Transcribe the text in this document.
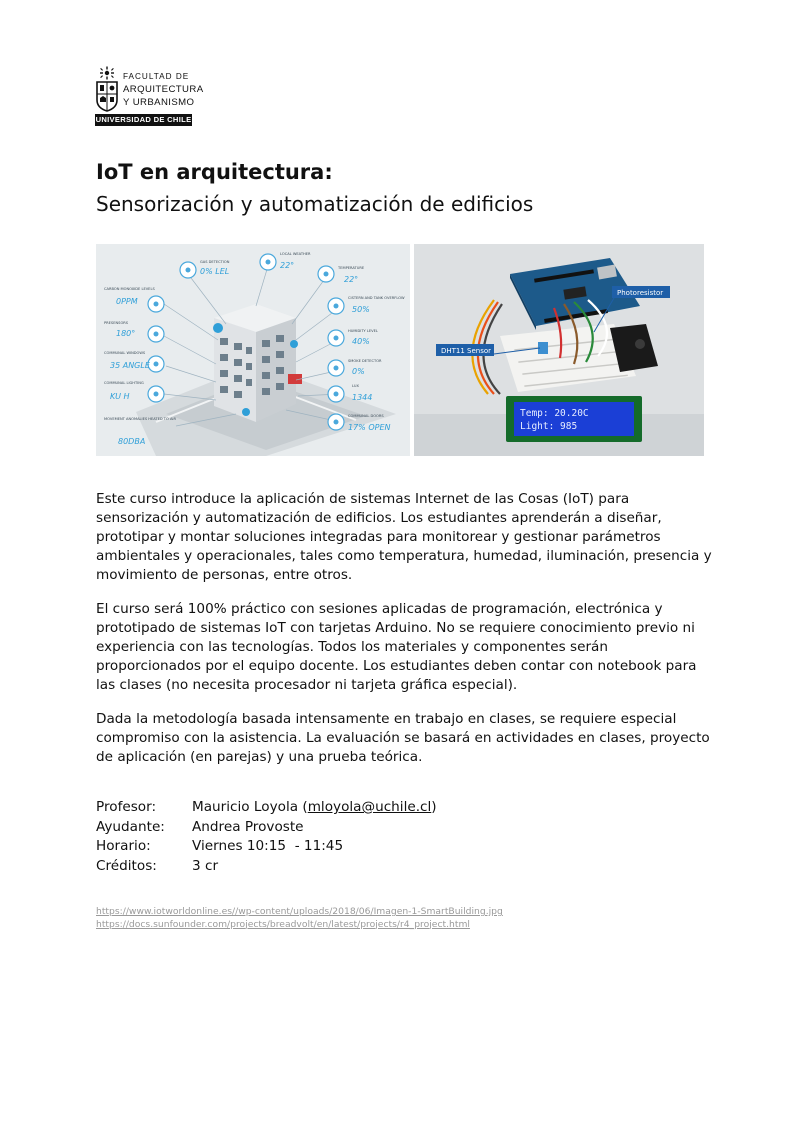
FACULTAD DE
ARQUITECTURA
Y URBANISMO
UNIVERSIDAD DE CHILE
IoT en arquitectura:
Sensorización y automatización de edificios
GAS DETECTION
LOCAL WEATHER
TEMPERATURE
CARBON MONOXIDE LEVELS
CISTERN AND TANK OVERFLOW
PRESENSORS
HUMIDITY LEVEL
COMMUNAL WINDOWS
SMOKE DETECTOR
COMMUNAL LIGHTING
LUX
MOVEMENT ANOMALIES HEATED TO AIR
COMMUNAL DOORS
0% LEL
22°
22°
0PPM
50%
180°
40%
35 ANGLE
0%
KU H	1344
80DBA
17% OPEN
Temp: 20.20C
Light: 985
Photoresistor
DHT11 Sensor

Este curso introduce la aplicación de sistemas Internet de las Cosas (IoT) para sensorización y automatización de edificios. Los estudiantes aprenderán a diseñar, prototipar y montar soluciones integradas para monitorear y gestionar parámetros ambientales y operacionales, tales como temperatura, humedad, iluminación, presencia y movimiento de personas, entre otros.

El curso será 100% práctico con sesiones aplicadas de programación, electrónica y prototipado de sistemas IoT con tarjetas Arduino. No se requiere conocimiento previo ni experiencia con las tecnologías. Todos los materiales y componentes serán proporcionados por el equipo docente. Los estudiantes deben contar con notebook para las clases (no necesita procesador ni tarjeta gráfica especial).

Dada la metodología basada intensamente en trabajo en clases, se requiere especial compromiso con la asistencia. La evaluación se basará en actividades en clases, proyecto de aplicación (en parejas) y una prueba teórica.

Profesor:	Mauricio Loyola (mloyola@uchile.cl)
Ayudante:	Andrea Provoste
Horario:	Viernes 10:15  - 11:45
Créditos:	3 cr
https://www.iotworldonline.es//wp-content/uploads/2018/06/Imagen-1-SmartBuilding.jpg
https://docs.sunfounder.com/projects/breadvolt/en/latest/projects/r4_project.html
